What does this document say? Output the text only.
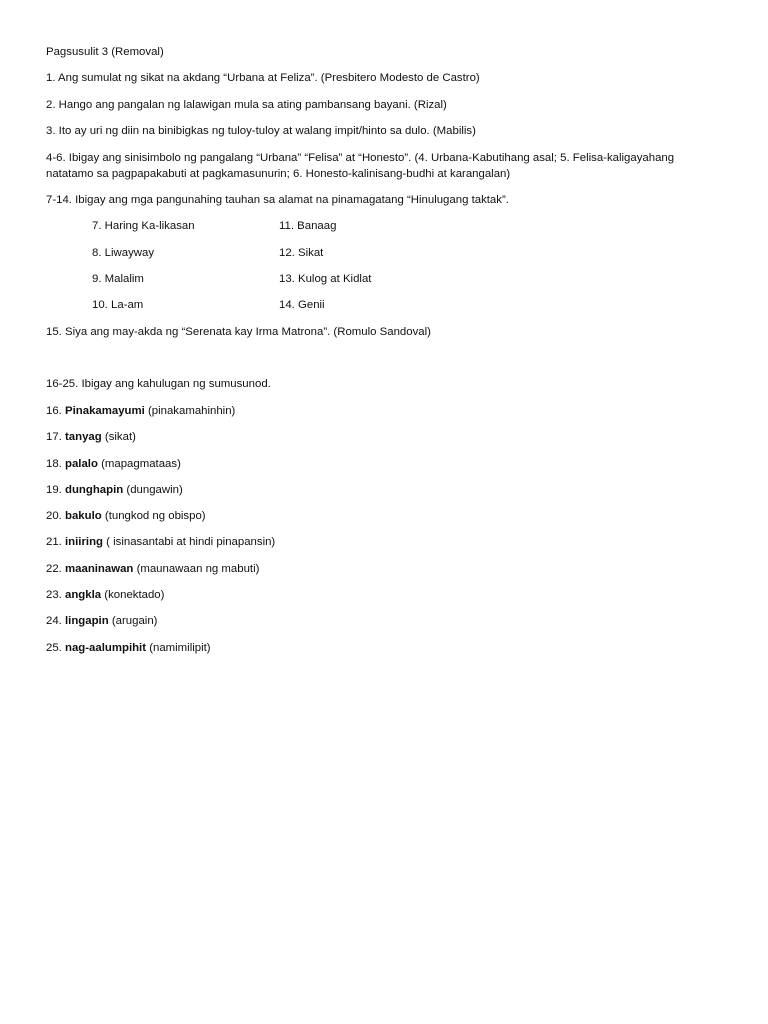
Pagsusulit 3 (Removal)
1. Ang sumulat ng sikat na akdang “Urbana at Feliza”. (Presbitero Modesto de Castro)
2. Hango ang pangalan ng lalawigan mula sa ating pambansang bayani. (Rizal)
3. Ito ay uri ng diin na binibigkas ng tuloy-tuloy at walang impit/hinto sa dulo. (Mabilis)
4-6. Ibigay ang sinisimbolo ng pangalang “Urbana” “Felisa” at “Honesto”. (4. Urbana-Kabutihang asal; 5. Felisa-kaligayahang
natatamo sa pagpapakabuti at pagkamasunurin; 6. Honesto-kalinisang-budhi at karangalan)
7-14. Ibigay ang mga pangunahing tauhan sa alamat na pinamagatang “Hinulugang taktak”.
7. Haring Ka-likasan	11. Banaag
8. Liwayway	12. Sikat
9. Malalim	13. Kulog at Kidlat
10. La-am	14. Genii
15. Siya ang may-akda ng “Serenata kay Irma Matrona”. (Romulo Sandoval)
16-25. Ibigay ang kahulugan ng sumusunod.
16. Pinakamayumi (pinakamahinhin)
17. tanyag (sikat)
18. palalo (mapagmataas)
19. dunghapin (dungawin)
20. bakulo (tungkod ng obispo)
21. iniiring ( isinasantabi at hindi pinapansin)
22. maaninawan (maunawaan ng mabuti)
23. angkla (konektado)
24. lingapin (arugain)
25. nag-aalumpihit (namimilipit)
